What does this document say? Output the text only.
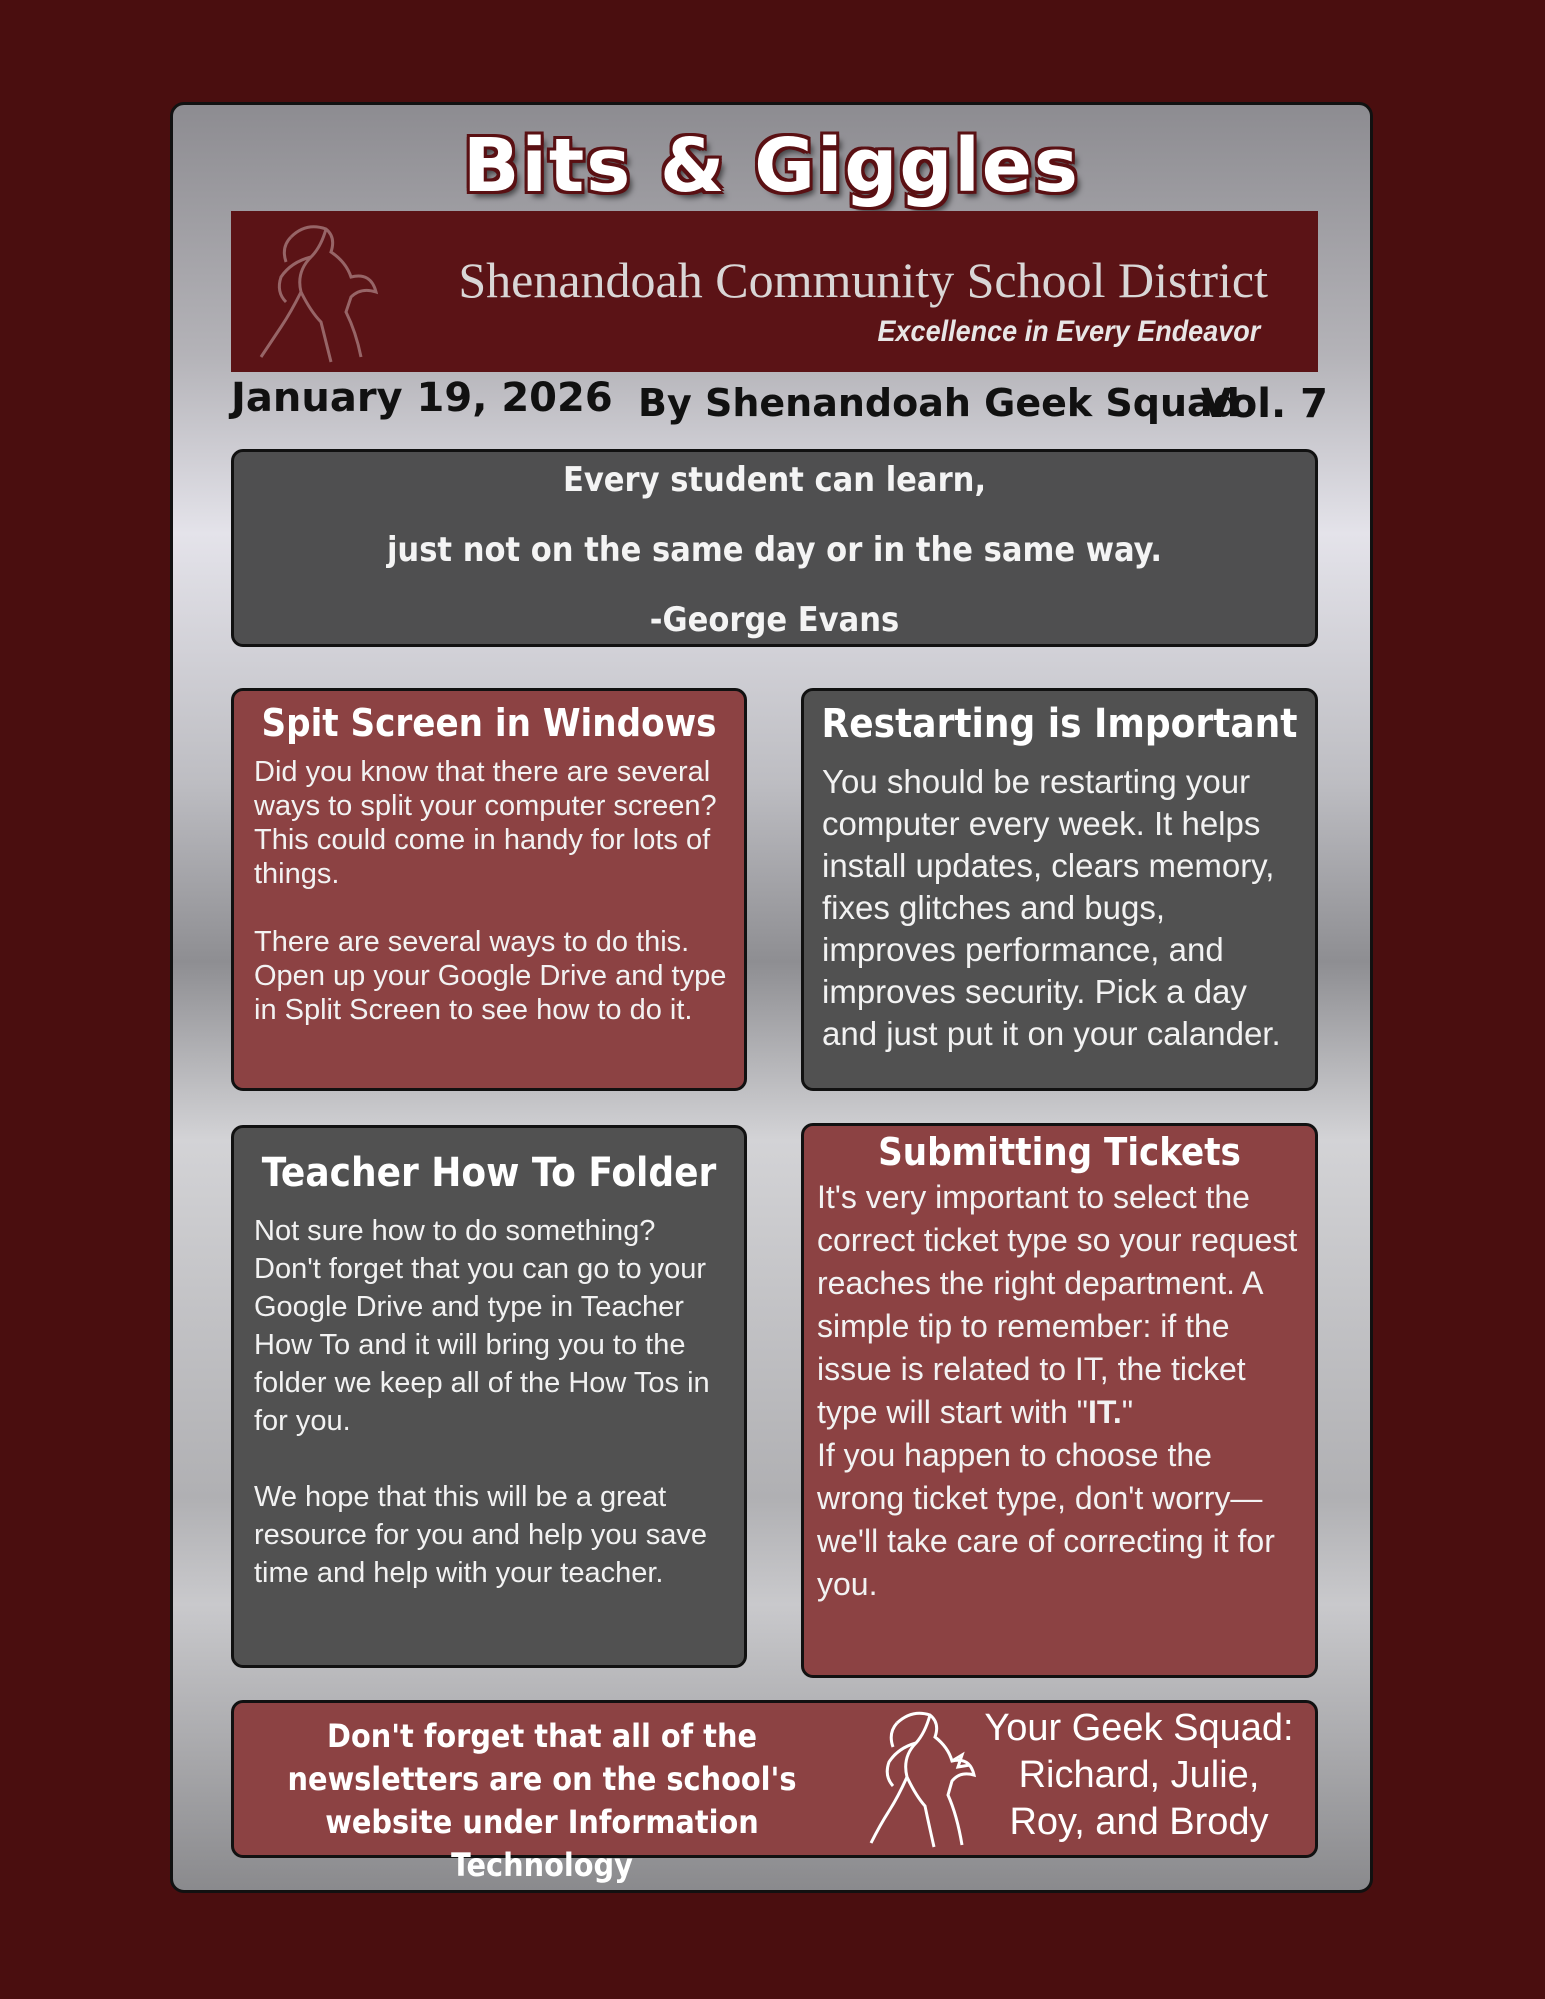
Bits & Giggles
Shenandoah Community School District
Excellence in Every Endeavor
January 19, 2026 By Shenandoah Geek Squad
Vol. 7
Every student can learn,
just not on the same day or in the same way.
-George Evans
Spit Screen in Windows

Did you know that there are several ways to split your computer screen? This could come in handy for lots of things.

There are several ways to do this. Open up your Google Drive and type in Split Screen to see how to do it.

Restarting is Important

You should be restarting your computer every week. It helps install updates, clears memory, fixes glitches and bugs, improves performance, and improves security. Pick a day and just put it on your calander.

Teacher How To Folder

Not sure how to do something? Don't forget that you can go to your Google Drive and type in Teacher How To and it will bring you to the folder we keep all of the How Tos in for you.

We hope that this will be a great resource for you and help you save time and help with your teacher.

Submitting Tickets

It's very important to select the correct ticket type so your request reaches the right department. A simple tip to remember: if the issue is related to IT, the ticket type will start with "IT."

If you happen to choose the wrong ticket type, don't worry—we'll take care of correcting it for you.

Don't forget that all of the newsletters are on the school's website under Information Technology
Your Geek Squad:
Richard, Julie, Roy, and Brody
